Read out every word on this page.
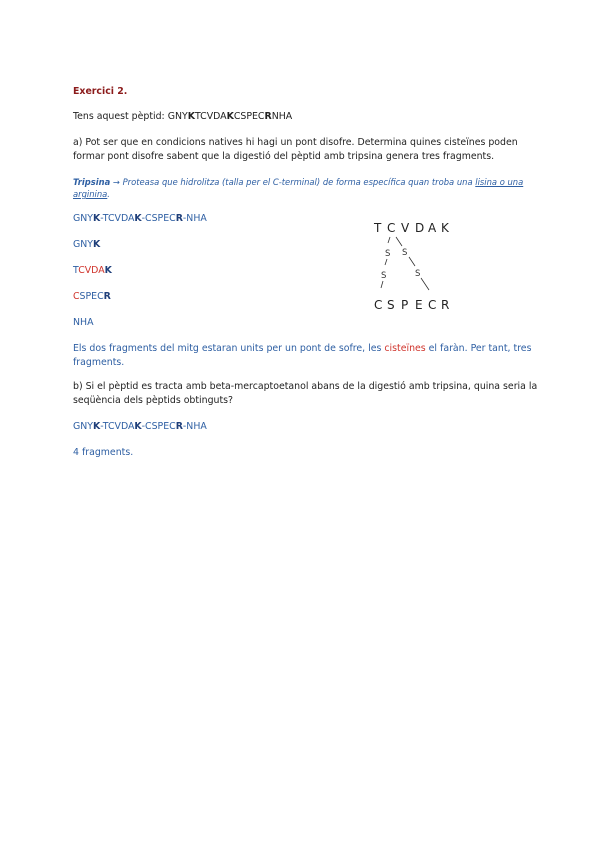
Exercici 2.

Tens aquest pèptid: GNYKTCVDAKCSPECRNHA

a) Pot ser que en condicions natives hi hagi un pont disofre. Determina quines cisteïnes poden

formar pont disofre sabent que la digestió del pèptid amb tripsina genera tres fragments.

Tripsina → Proteasa que hidrolitza (talla per el C-terminal) de forma específica quan troba una lisina o una

arginina.

GNYK-TCVDAK-CSPECR-NHA

GNYK

TCVDAK

CSPECR

NHA

T C V D A K
C S P E C R
S
S
S
S

Els dos fragments del mitg estaran units per un pont de sofre, les cisteïnes el faràn. Per tant, tres

fragments.

b) Si el pèptid es tracta amb beta-mercaptoetanol abans de la digestió amb tripsina, quina seria la

seqüència dels pèptids obtinguts?

GNYK-TCVDAK-CSPECR-NHA

4 fragments.
